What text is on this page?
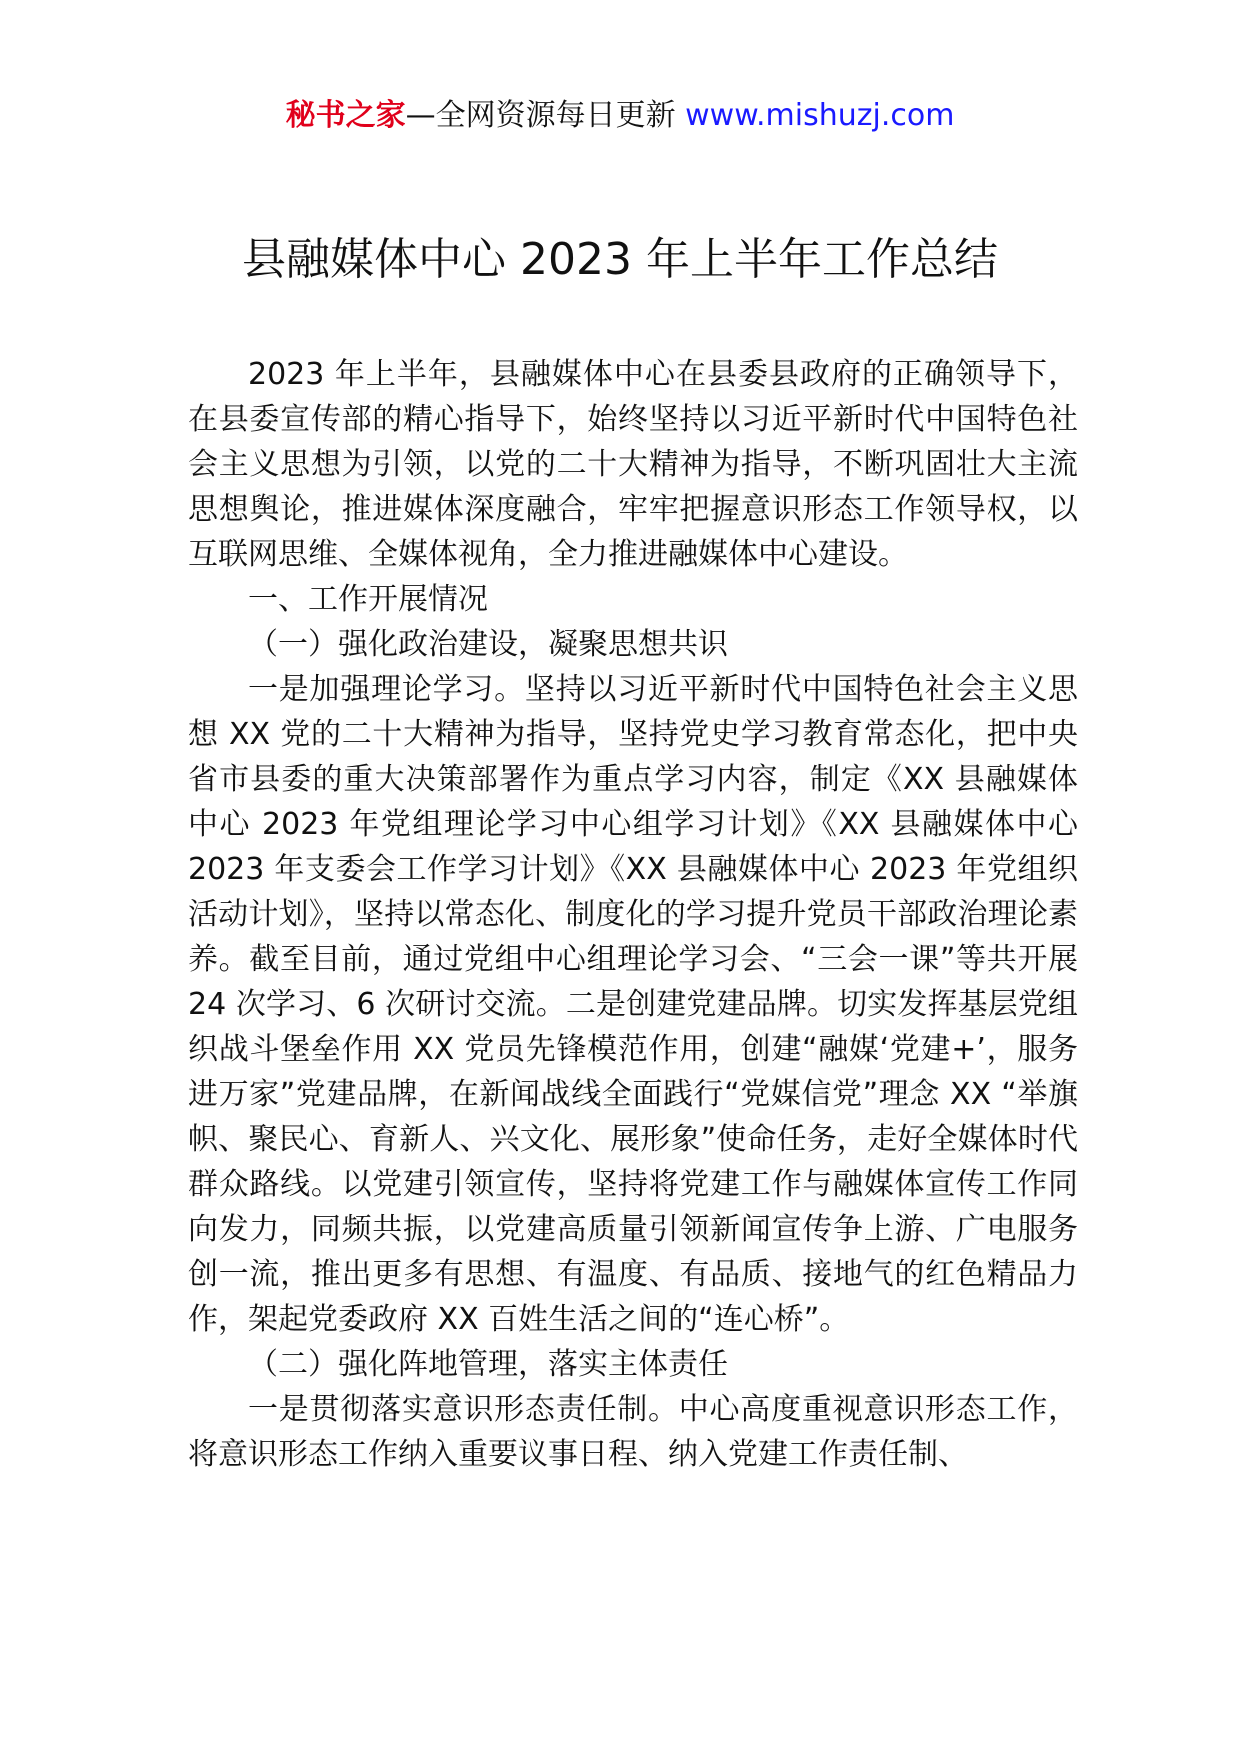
秘书之家—全网资源每日更新 www.mishuzj.com
县融媒体中心 2023 年上半年工作总结

2023 年上半年，县融媒体中心在县委县政府的正确领导下，在县委宣传部的精心指导下，始终坚持以习近平新时代中国特色社会主义思想为引领，以党的二十大精神为指导，不断巩固壮大主流思想舆论，推进媒体深度融合，牢牢把握意识形态工作领导权，以互联网思维、全媒体视角，全力推进融媒体中心建设。

一、工作开展情况

（一）强化政治建设，凝聚思想共识

一是加强理论学习。坚持以习近平新时代中国特色社会主义思想 XX 党的二十大精神为指导，坚持党史学习教育常态化，把中央省市县委的重大决策部署作为重点学习内容，制定《XX 县融媒体中心 2023 年党组理论学习中心组学习计划》《XX 县融媒体中心 2023 年支委会工作学习计划》《XX 县融媒体中心 2023 年党组织活动计划》，坚持以常态化、制度化的学习提升党员干部政治理论素养。截至目前，通过党组中心组理论学习会、“三会一课”等共开展 24 次学习、6 次研讨交流。二是创建党建品牌。切实发挥基层党组织战斗堡垒作用 XX 党员先锋模范作用，创建“融媒‘党建+’，服务进万家”党建品牌，在新闻战线全面践行“党媒信党”理念 XX “举旗帜、聚民心、育新人、兴文化、展形象”使命任务，走好全媒体时代群众路线。以党建引领宣传，坚持将党建工作与融媒体宣传工作同向发力，同频共振，以党建高质量引领新闻宣传争上游、广电服务创一流，推出更多有思想、有温度、有品质、接地气的红色精品力作，架起党委政府 XX 百姓生活之间的“连心桥”。

（二）强化阵地管理，落实主体责任

一是贯彻落实意识形态责任制。中心高度重视意识形态工作，将意识形态工作纳入重要议事日程、纳入党建工作责任制、
